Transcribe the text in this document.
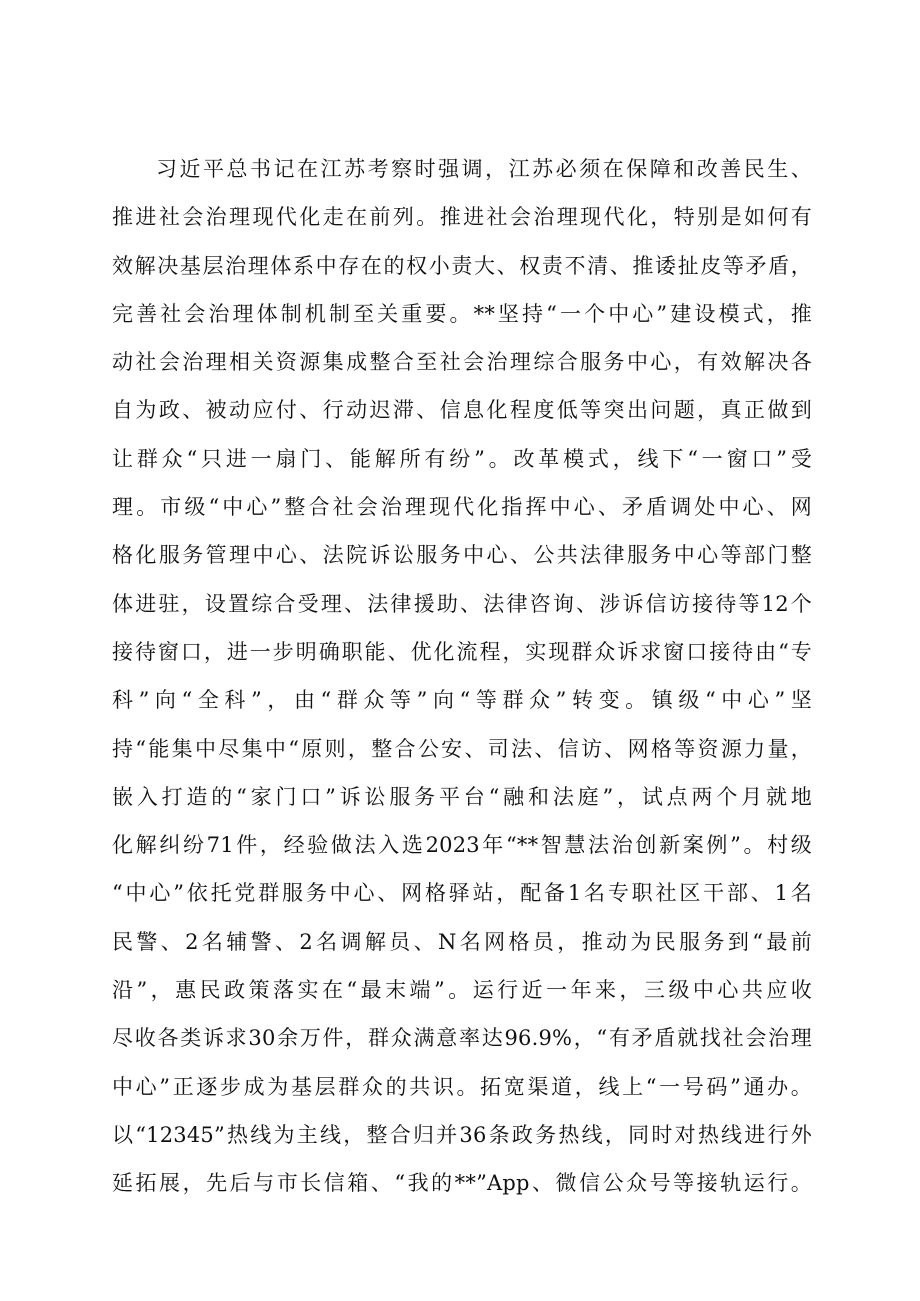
习近平总书记在江苏考察时强调，江苏必须在保障和改善民生、
推进社会治理现代化走在前列。推进社会治理现代化，特别是如何有
效解决基层治理体系中存在的权小责大、权责不清、推诿扯皮等矛盾，
完善社会治理体制机制至关重要。**坚持“一个中心”建设模式，推
动社会治理相关资源集成整合至社会治理综合服务中心，有效解决各
自为政、被动应付、行动迟滞、信息化程度低等突出问题，真正做到
让群众“只进一扇门、能解所有纷”。改革模式，线下“一窗口”受
理。市级“中心”整合社会治理现代化指挥中心、矛盾调处中心、网
格化服务管理中心、法院诉讼服务中心、公共法律服务中心等部门整
体进驻，设置综合受理、法律援助、法律咨询、涉诉信访接待等12个
接待窗口，进一步明确职能、优化流程，实现群众诉求窗口接待由“专
科”向“全科”，由“群众等”向“等群众”转变。镇级“中心”坚
持“能集中尽集中“原则，整合公安、司法、信访、网格等资源力量，
嵌入打造的“家门口”诉讼服务平台“融和法庭”，试点两个月就地
化解纠纷71件，经验做法入选2023年“**智慧法治创新案例”。村级
“中心”依托党群服务中心、网格驿站，配备1名专职社区干部、1名
民警、2名辅警、2名调解员、N名网格员，推动为民服务到“最前
沿”，惠民政策落实在“最末端”。运行近一年来，三级中心共应收
尽收各类诉求30余万件，群众满意率达96.9%，“有矛盾就找社会治理
中心”正逐步成为基层群众的共识。拓宽渠道，线上“一号码”通办。
以“12345”热线为主线，整合归并36条政务热线，同时对热线进行外
延拓展，先后与市长信箱、“我的**”App、微信公众号等接轨运行。
